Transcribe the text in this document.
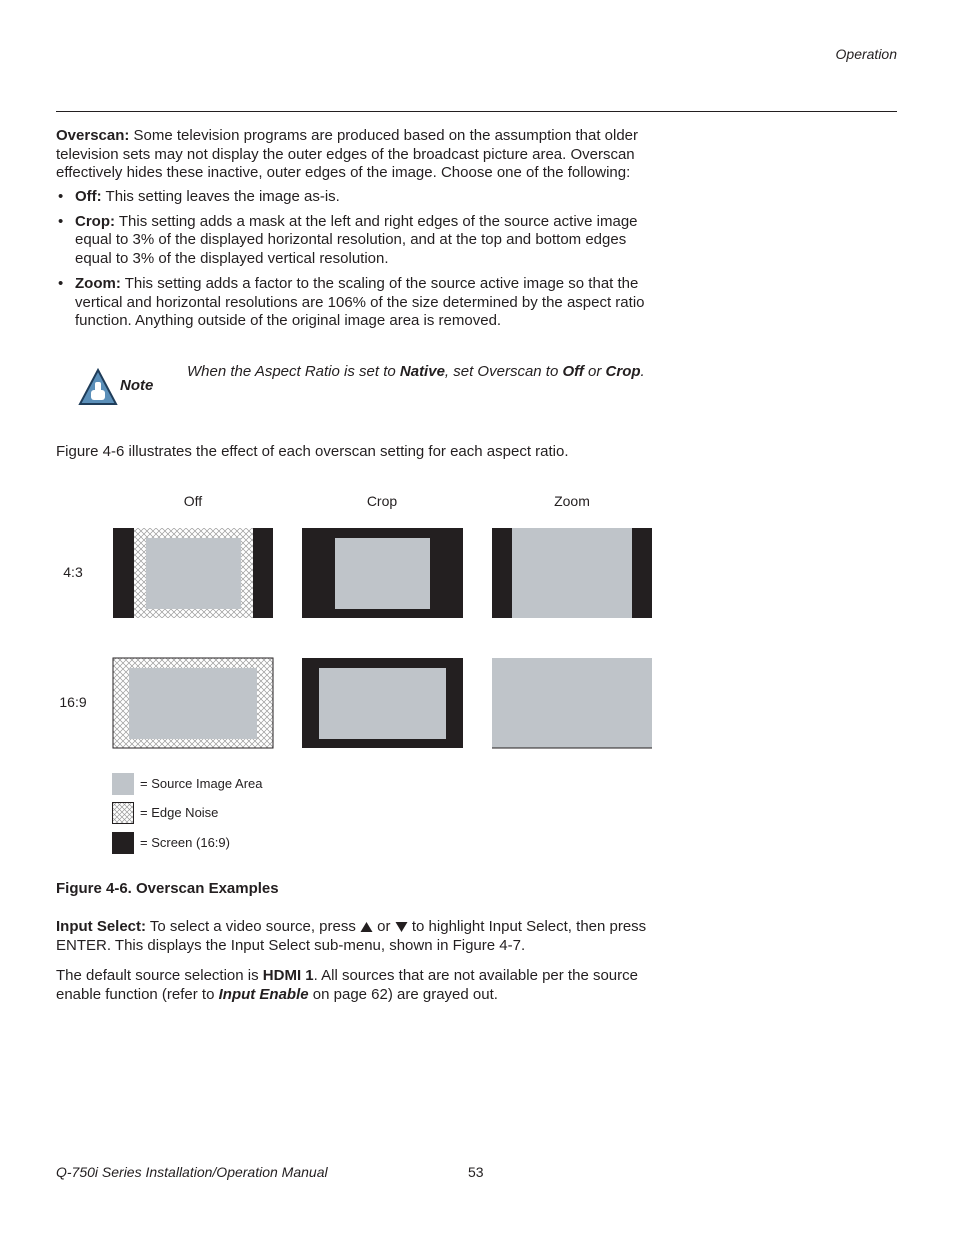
Operation

Overscan: Some television programs are produced based on the assumption that older television sets may not display the outer edges of the broadcast picture area. Overscan effectively hides these inactive, outer edges of the image. Choose one of the following:

• Off: This setting leaves the image as-is.
• Crop: This setting adds a mask at the left and right edges of the source active image equal to 3% of the displayed horizontal resolution, and at the top and bottom edges equal to 3% of the displayed vertical resolution.
• Zoom: This setting adds a factor to the scaling of the source active image so that the vertical and horizontal resolutions are 106% of the size determined by the aspect ratio function. Anything outside of the original image area is removed.
Note
When the Aspect Ratio is set to Native, set Overscan to Off or Crop.

Figure 4-6 illustrates the effect of each overscan setting for each aspect ratio.

Off	Crop	Zoom
4:3
16:9
= Source Image Area
= Edge Noise
= Screen (16:9)
Figure 4-6. Overscan Examples

Input Select: To select a video source, press  or  to highlight Input Select, then press ENTER. This displays the Input Select sub-menu, shown in Figure 4-7.

The default source selection is HDMI 1. All sources that are not available per the source enable function (refer to Input Enable on page 62) are grayed out.

Q-750i Series Installation/Operation Manual	53
